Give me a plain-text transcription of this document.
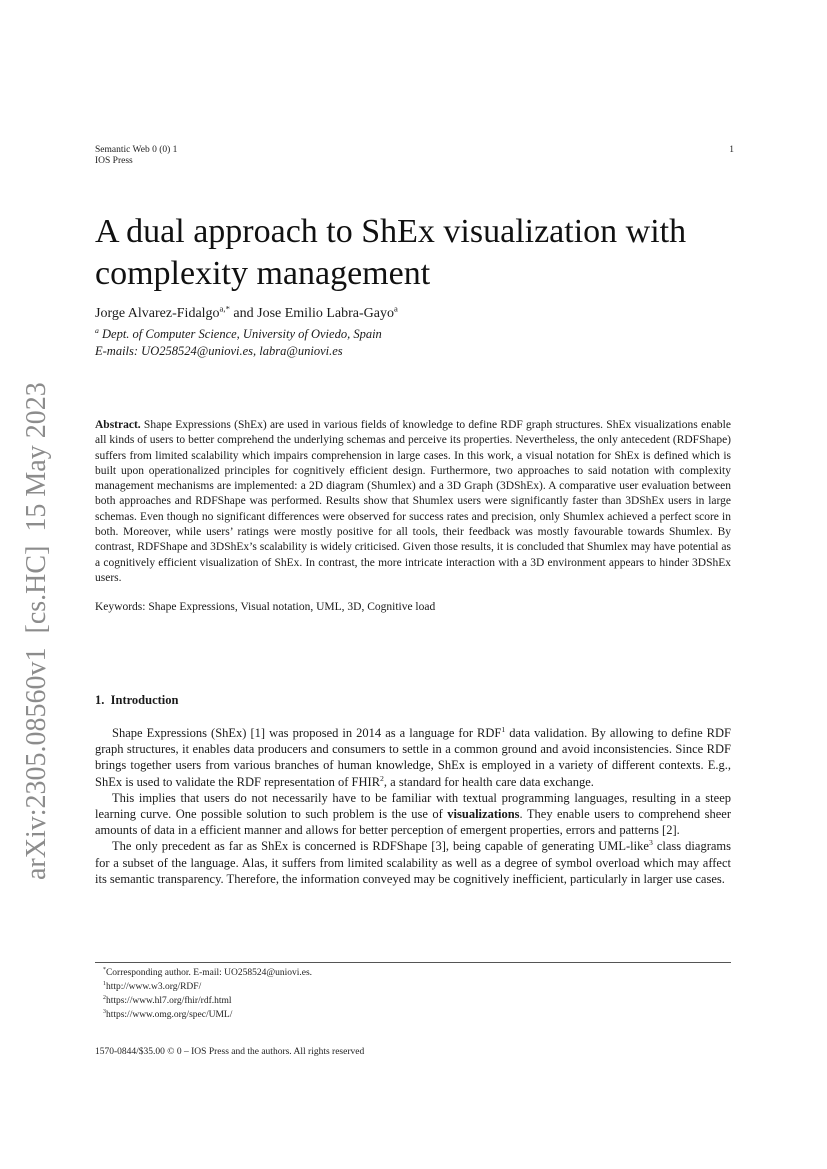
Semantic Web 0 (0) 1
IOS Press
1
A dual approach to ShEx visualization with
complexity management
Jorge Alvarez-Fidalgo$^{a,*}$ and Jose Emilio Labra-Gayo$^a$
$^a$ Dept. of Computer Science, University of Oviedo, Spain
E-mails: UO258524@uniovi.es, labra@uniovi.es
arXiv:2305.08560v1  [cs.HC]  15 May 2023	Abstract. Shape Expressions (ShEx) are used in various fields of knowledge to define RDF graph structures. ShEx visualizations enable all kinds of users to better comprehend the underlying schemas and perceive its properties. Nevertheless, the only antecedent (RDFShape) suffers from limited scalability which impairs comprehension in large cases. In this work, a visual notation for ShEx is defined which is built upon operationalized principles for cognitively efficient design. Furthermore, two approaches to said notation with complexity management mechanisms are implemented: a 2D diagram (Shumlex) and a 3D Graph (3DShEx). A comparative user evaluation between both approaches and RDFShape was performed. Results show that Shumlex users were significantly faster than 3DShEx users in large schemas. Even though no significant differences were observed for success rates and precision, only Shumlex achieved a perfect score in both. Moreover, while users’ ratings were mostly positive for all tools, their feedback was mostly favourable towards Shumlex. By contrast, RDFShape and 3DShEx’s scalability is widely criticised. Given those results, it is concluded that Shumlex may have potential as a cognitively efficient visualization of ShEx. In contrast, the more intricate interaction with a 3D environment appears to hinder 3DShEx users.
Keywords: Shape Expressions, Visual notation, UML, 3D, Cognitive load
1.  Introduction

Shape Expressions (ShEx) [1] was proposed in 2014 as a language for RDF$^1$ data validation. By allowing to define RDF graph structures, it enables data producers and consumers to settle in a common ground and avoid inconsistencies. Since RDF brings together users from various branches of human knowledge, ShEx is employed in a variety of different contexts. E.g., ShEx is used to validate the RDF representation of FHIR$^2$, a standard for health care data exchange.

This implies that users do not necessarily have to be familiar with textual programming languages, resulting in a steep learning curve. One possible solution to such problem is the use of visualizations. They enable users to comprehend sheer amounts of data in a efficient manner and allows for better perception of emergent properties, errors and patterns [2].

The only precedent as far as ShEx is concerned is RDFShape [3], being capable of generating UML-like$^3$ class diagrams for a subset of the language. Alas, it suffers from limited scalability as well as a degree of symbol overload which may affect its semantic transparency. Therefore, the information conveyed may be cognitively inefficient, particularly in larger use cases.

*Corresponding author. E-mail: UO258524@uniovi.es.
$^1$http://www.w3.org/RDF/
$^2$https://www.hl7.org/fhir/rdf.html
$^3$https://www.omg.org/spec/UML/
1570-0844/$35.00 © 0 – IOS Press and the authors. All rights reserved
